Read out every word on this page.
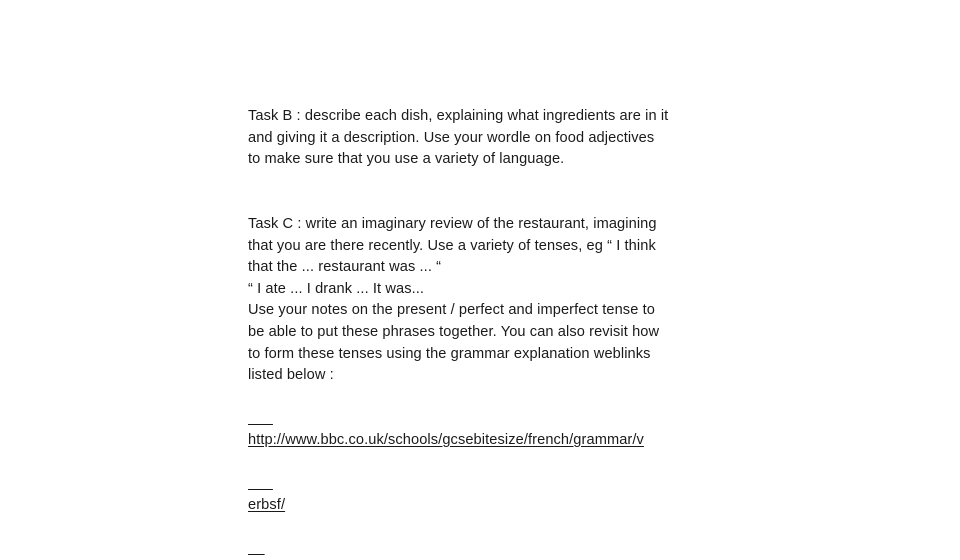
Task B : describe each dish, explaining what ingredients are in it
and giving it a description. Use your wordle on food adjectives
to make sure that you use a variety of language.
Task C : write an imaginary review of the restaurant, imagining
that you are there recently. Use a variety of tenses, eg “ I think
that the ... restaurant was ... “
“ I ate ... I drank ... It was...
Use your notes on the present / perfect and imperfect tense to
be able to put these phrases together. You can also revisit how
to form these tenses using the grammar explanation weblinks
listed below :

http://www.bbc.co.uk/schools/gcsebitesize/french/grammar/v

erbsf/
